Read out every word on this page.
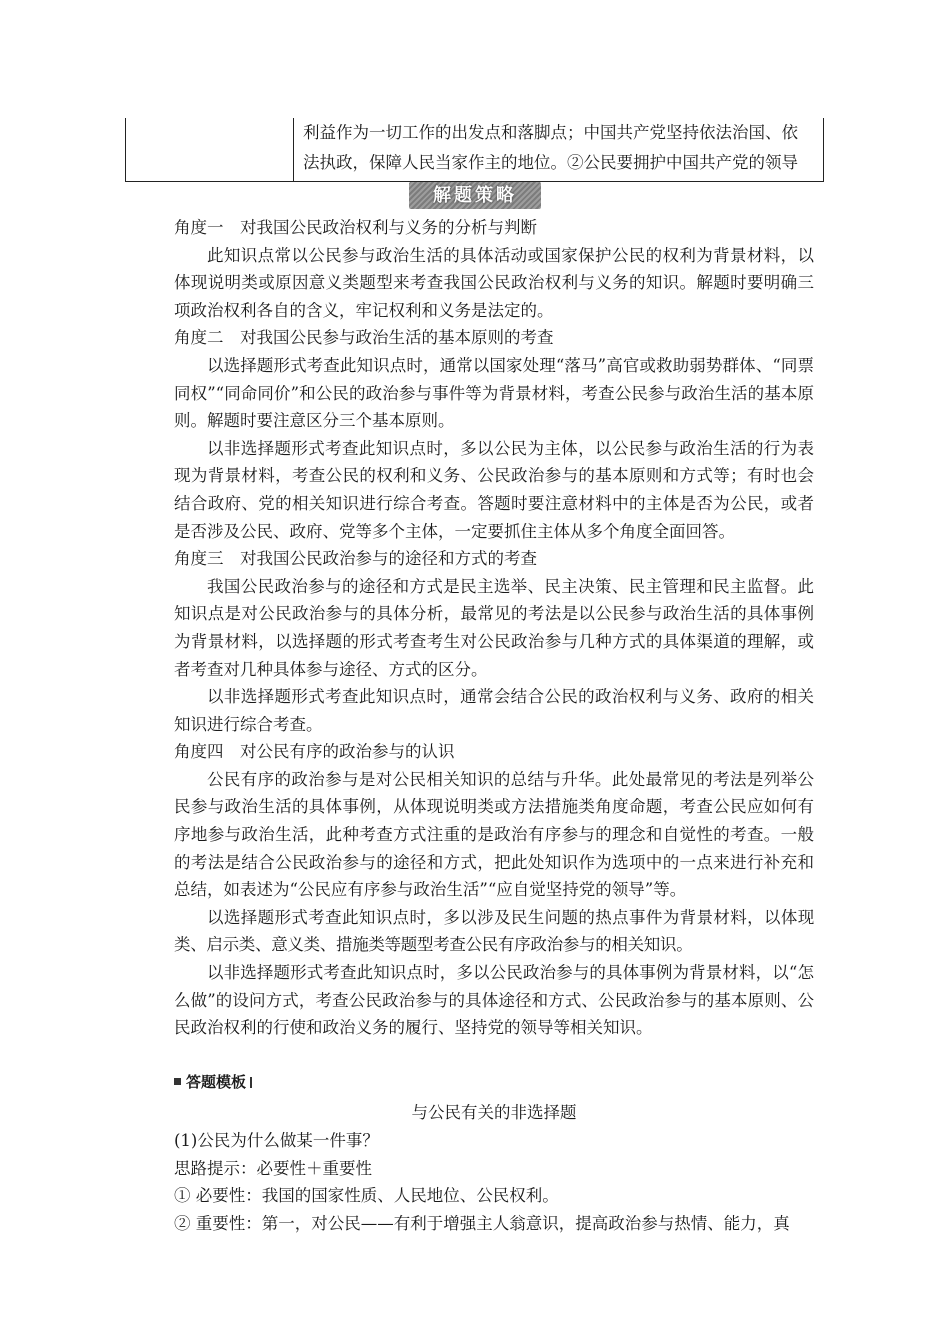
利益作为一切工作的出发点和落脚点；中国共产党坚持依法治国、依
法执政，保障人民当家作主的地位。②公民要拥护中国共产党的领导
解题策略

角度一　对我国公民政治权利与义务的分析与判断

此知识点常以公民参与政治生活的具体活动或国家保护公民的权利为背景材料，以体现说明类或原因意义类题型来考查我国公民政治权利与义务的知识。解题时要明确三项政治权利各自的含义，牢记权利和义务是法定的。

角度二　对我国公民参与政治生活的基本原则的考查

以选择题形式考查此知识点时，通常以国家处理“落马”高官或救助弱势群体、“同票同权”“同命同价”和公民的政治参与事件等为背景材料，考查公民参与政治生活的基本原则。解题时要注意区分三个基本原则。

以非选择题形式考查此知识点时，多以公民为主体，以公民参与政治生活的行为表现为背景材料，考查公民的权利和义务、公民政治参与的基本原则和方式等；有时也会结合政府、党的相关知识进行综合考查。答题时要注意材料中的主体是否为公民，或者是否涉及公民、政府、党等多个主体，一定要抓住主体从多个角度全面回答。

角度三　对我国公民政治参与的途径和方式的考查

我国公民政治参与的途径和方式是民主选举、民主决策、民主管理和民主监督。此知识点是对公民政治参与的具体分析，最常见的考法是以公民参与政治生活的具体事例为背景材料，以选择题的形式考查考生对公民政治参与几种方式的具体渠道的理解，或者考查对几种具体参与途径、方式的区分。

以非选择题形式考查此知识点时，通常会结合公民的政治权利与义务、政府的相关知识进行综合考查。

角度四　对公民有序的政治参与的认识

公民有序的政治参与是对公民相关知识的总结与升华。此处最常见的考法是列举公民参与政治生活的具体事例，从体现说明类或方法措施类角度命题，考查公民应如何有序地参与政治生活，此种考查方式注重的是政治有序参与的理念和自觉性的考查。一般的考法是结合公民政治参与的途径和方式，把此处知识作为选项中的一点来进行补充和总结，如表述为“公民应有序参与政治生活”“应自觉坚持党的领导”等。

以选择题形式考查此知识点时，多以涉及民生问题的热点事件为背景材料，以体现类、启示类、意义类、措施类等题型考查公民有序政治参与的相关知识。

以非选择题形式考查此知识点时，多以公民政治参与的具体事例为背景材料，以“怎么做”的设问方式，考查公民政治参与的具体途径和方式、公民政治参与的基本原则、公民政治权利的行使和政治义务的履行、坚持党的领导等相关知识。

答题模板
与公民有关的非选择题

(1)公民为什么做某一件事？

思路提示：必要性＋重要性

① 必要性：我国的国家性质、人民地位、公民权利。

② 重要性：第一，对公民——有利于增强主人翁意识，提高政治参与热情、能力，真
